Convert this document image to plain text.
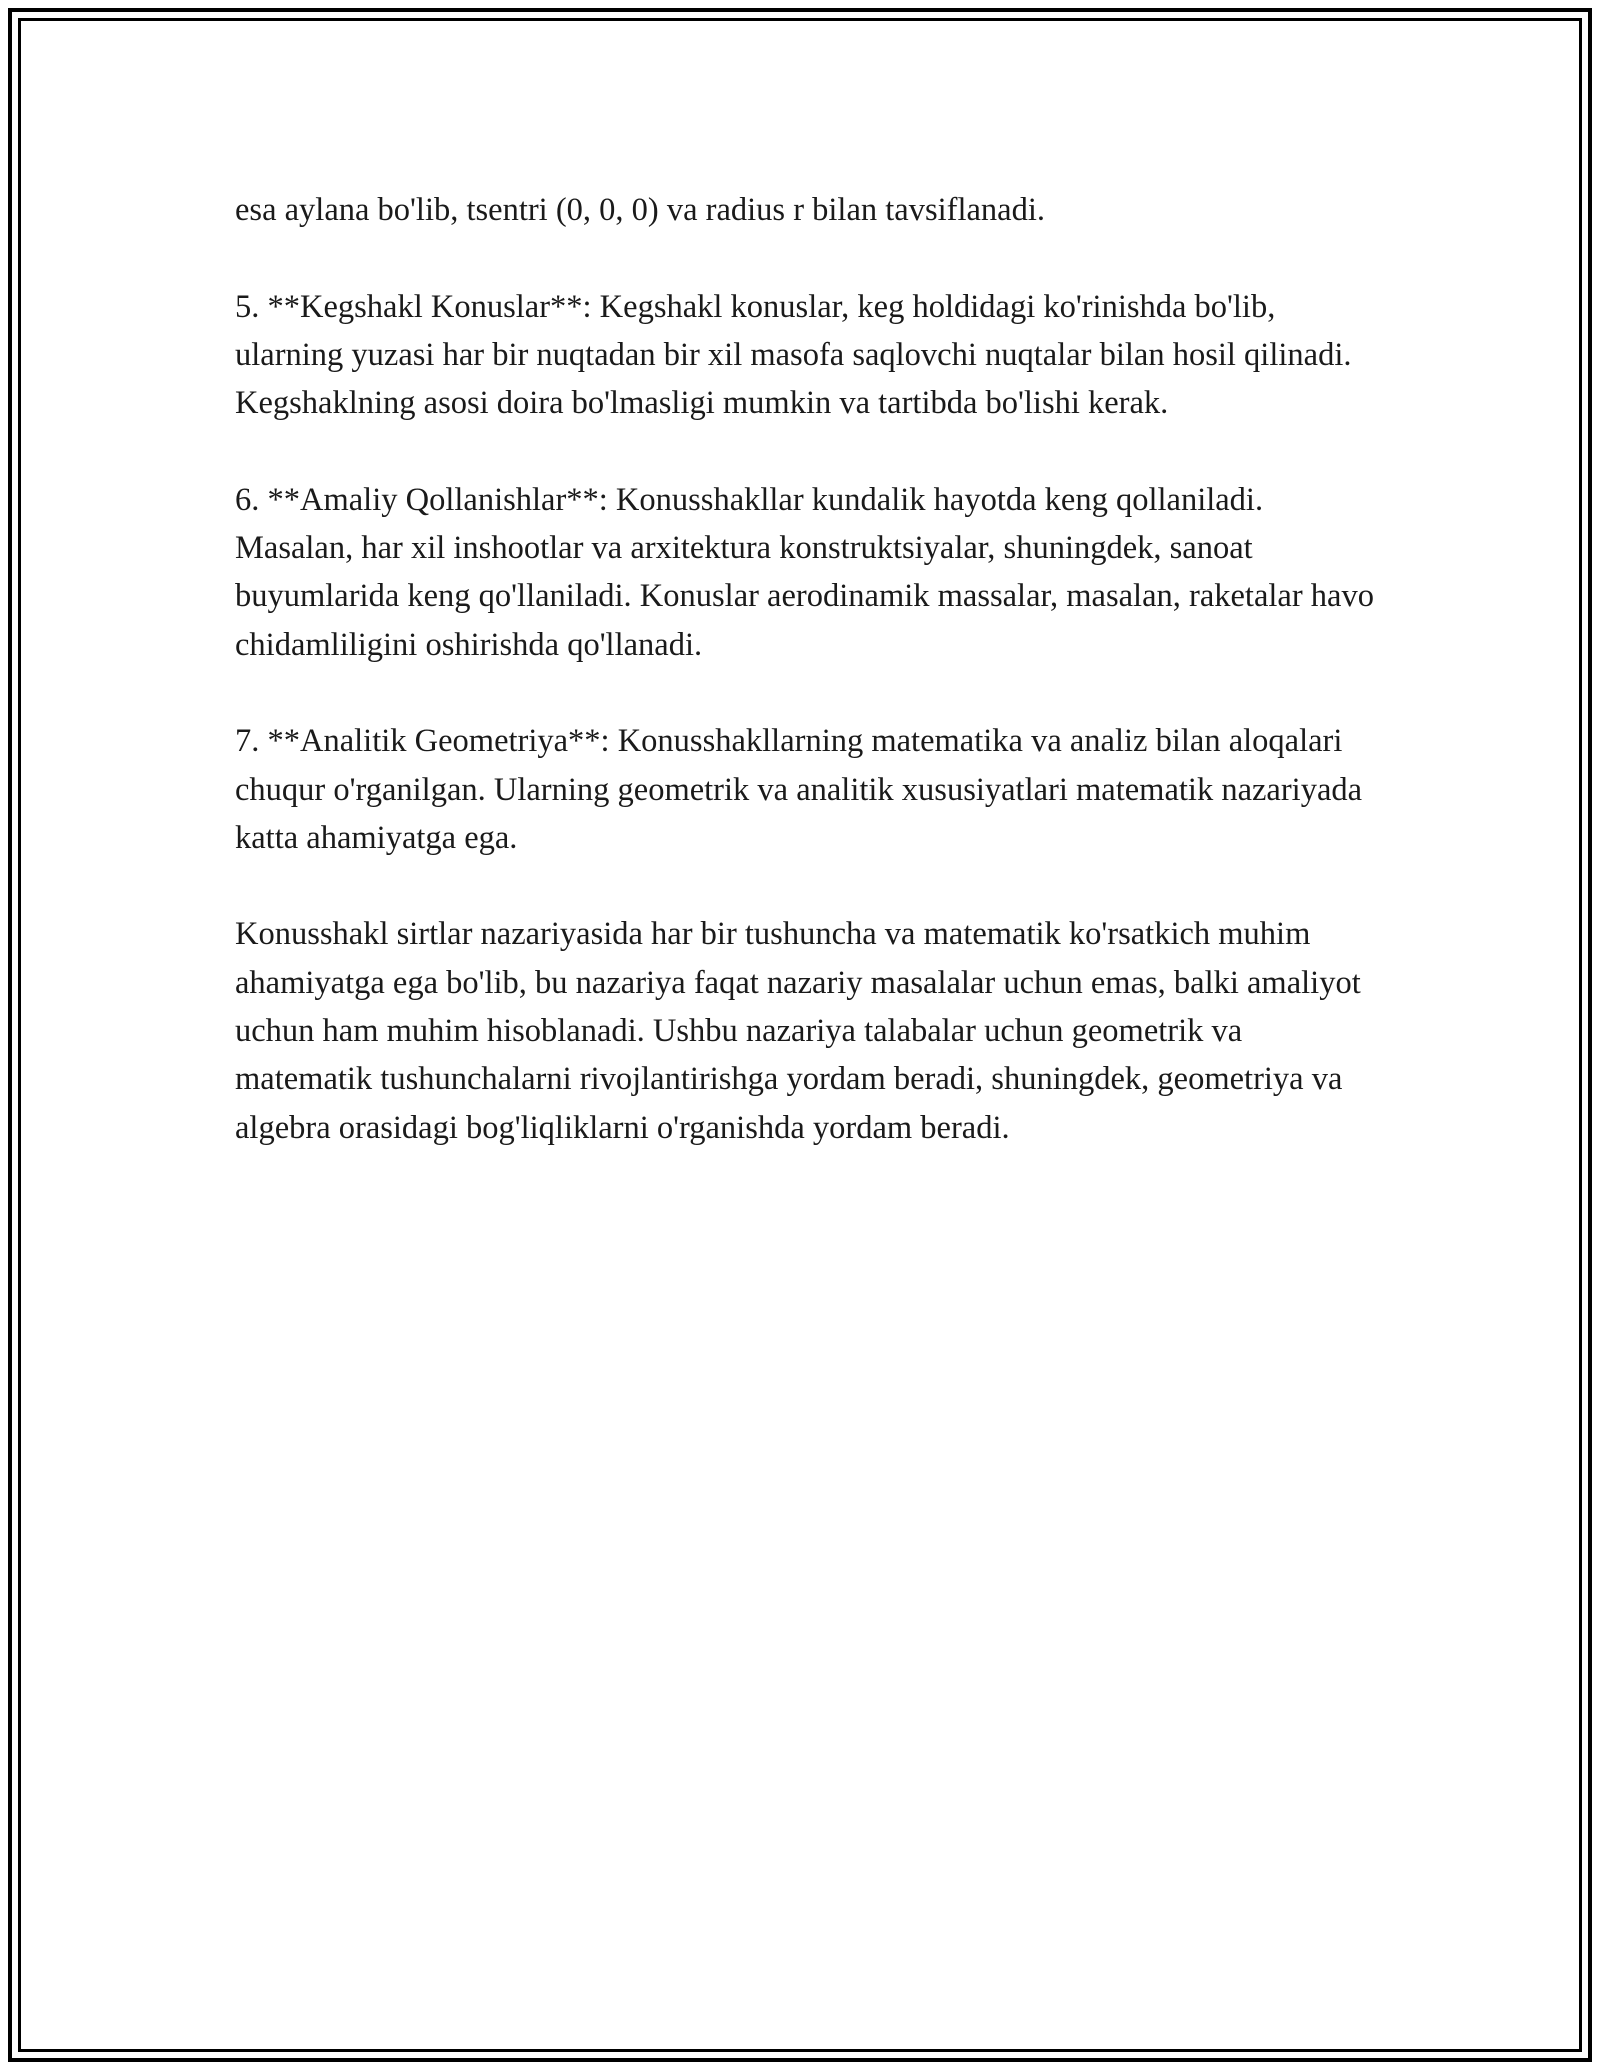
esa aylana bo'lib, tsentri (0, 0, 0) va radius r bilan tavsiflanadi.

5. **Kegshakl Konuslar**: Kegshakl konuslar, keg holdidagi ko'rinishda bo'lib, ularning yuzasi har bir nuqtadan bir xil masofa saqlovchi nuqtalar bilan hosil qilinadi. Kegshaklning asosi doira bo'lmasligi mumkin va tartibda bo'lishi kerak.

6. **Amaliy Qollanishlar**: Konusshakllar kundalik hayotda keng qollaniladi. Masalan, har xil inshootlar va arxitektura konstruktsiyalar, shuningdek, sanoat buyumlarida keng qo'llaniladi. Konuslar aerodinamik massalar, masalan, raketalar havo chidamliligini oshirishda qo'llanadi.

7. **Analitik Geometriya**: Konusshakllarning matematika va analiz bilan aloqalari chuqur o'rganilgan. Ularning geometrik va analitik xususiyatlari matematik nazariyada katta ahamiyatga ega.

Konusshakl sirtlar nazariyasida har bir tushuncha va matematik ko'rsatkich muhim ahamiyatga ega bo'lib, bu nazariya faqat nazariy masalalar uchun emas, balki amaliyot uchun ham muhim hisoblanadi. Ushbu nazariya talabalar uchun geometrik va matematik tushunchalarni rivojlantirishga yordam beradi, shuningdek, geometriya va algebra orasidagi bog'liqliklarni o'rganishda yordam beradi.
